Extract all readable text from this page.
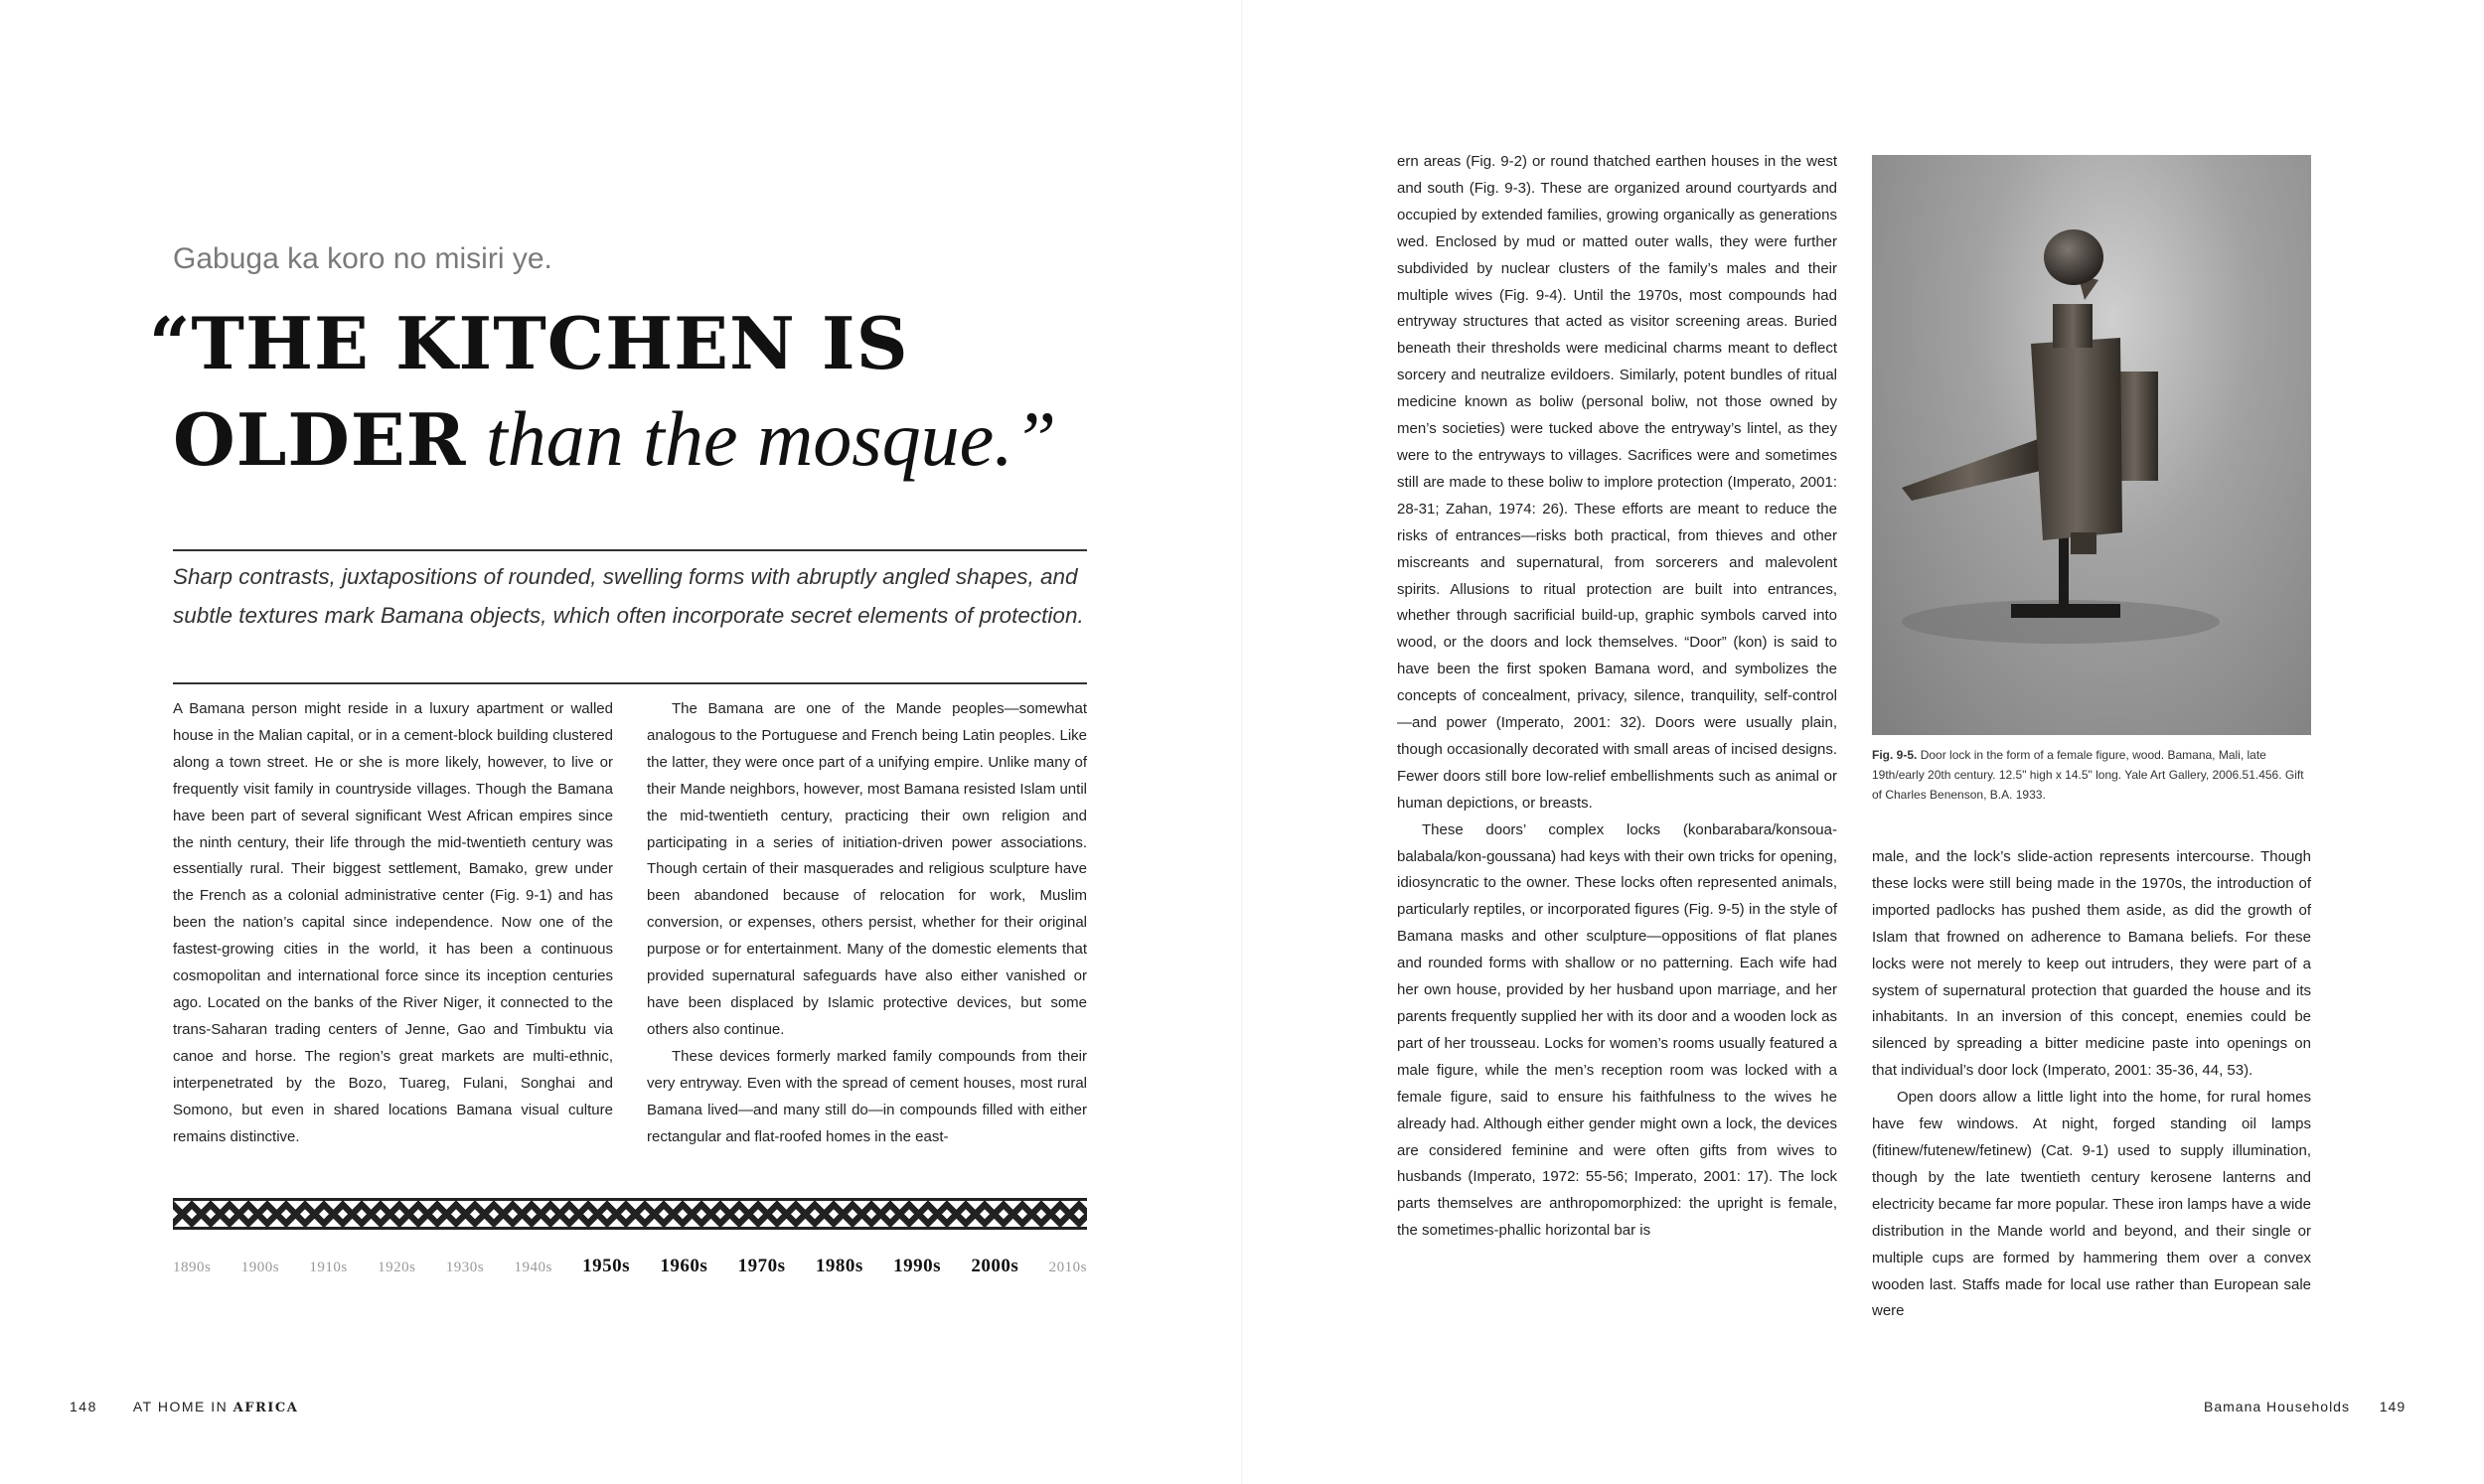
Gabuga ka koro no misiri ye.
“THE KITCHEN IS
OLDER than the mosque.”

Sharp contrasts, juxtapositions of rounded, swelling forms with abruptly angled shapes, and subtle textures mark Bamana objects, which often incorporate secret elements of protection.

A Bamana person might reside in a luxury apartment or walled house in the Malian capital, or in a cement-block building clustered along a town street. He or she is more likely, however, to live or frequently visit family in countryside villages. Though the Bamana have been part of several significant West African empires since the ninth century, their life through the mid-twentieth century was essentially rural. Their biggest settlement, Bamako, grew under the French as a colonial administrative center (Fig. 9-1) and has been the nation’s capital since independence. Now one of the fastest-growing cities in the world, it has been a continuous cosmopolitan and international force since its inception centuries ago. Located on the banks of the River Niger, it connected to the trans-Saharan trading centers of Jenne, Gao and Timbuktu via canoe and horse. The region’s great markets are multi-ethnic, interpenetrated by the Bozo, Tuareg, Fulani, Songhai and Somono, but even in shared locations Bamana visual culture remains distinctive.

The Bamana are one of the Mande peoples—somewhat analogous to the Portuguese and French being Latin peoples. Like the latter, they were once part of a unifying empire. Unlike many of their Mande neighbors, however, most Bamana resisted Islam until the mid-twentieth century, practicing their own religion and participating in a series of initiation-driven power associations. Though certain of their masquerades and religious sculpture have been abandoned because of relocation for work, Muslim conversion, or expenses, others persist, whether for their original purpose or for entertainment. Many of the domestic elements that provided supernatural safeguards have also either vanished or have been displaced by Islamic protective devices, but some others also continue.

These devices formerly marked family compounds from their very entryway. Even with the spread of cement houses, most rural Bamana lived—and many still do—in compounds filled with either rectangular and flat-roofed homes in the east-

1890s 1900s 1910s 1920s 1930s 1940s 1950s 1960s 1970s 1980s 1990s 2000s 2010s
148	AT HOME IN AFRICA

ern areas (Fig. 9-2) or round thatched earthen houses in the west and south (Fig. 9-3). These are organized around courtyards and occupied by extended families, growing organically as generations wed. Enclosed by mud or matted outer walls, they were further subdivided by nuclear clusters of the family’s males and their multiple wives (Fig. 9-4). Until the 1970s, most compounds had entryway structures that acted as visitor screening areas. Buried beneath their thresholds were medicinal charms meant to deflect sorcery and neutralize evildoers. Similarly, potent bundles of ritual medicine known as boliw (personal boliw, not those owned by men’s societies) were tucked above the entryway’s lintel, as they were to the entryways to villages. Sacrifices were and sometimes still are made to these boliw to implore protection (Imperato, 2001: 28-31; Zahan, 1974: 26). These efforts are meant to reduce the risks of entrances—risks both practical, from thieves and other miscreants and supernatural, from sorcerers and malevolent spirits. Allusions to ritual protection are built into entrances, whether through sacrificial build-up, graphic symbols carved into wood, or the doors and lock themselves. “Door” (kon) is said to have been the first spoken Bamana word, and symbolizes the concepts of concealment, privacy, silence, tranquility, self-control—and power (Imperato, 2001: 32). Doors were usually plain, though occasionally decorated with small areas of incised designs. Fewer doors still bore low-relief embellishments such as animal or human depictions, or breasts.

These doors’ complex locks (konbarabara/konsoua-balabala/kon-goussana) had keys with their own tricks for opening, idiosyncratic to the owner. These locks often represented animals, particularly reptiles, or incorporated figures (Fig. 9-5) in the style of Bamana masks and other sculpture—oppositions of flat planes and rounded forms with shallow or no patterning. Each wife had her own house, provided by her husband upon marriage, and her parents frequently supplied her with its door and a wooden lock as part of her trousseau. Locks for women’s rooms usually featured a male figure, while the men’s reception room was locked with a female figure, said to ensure his faithfulness to the wives he already had. Although either gender might own a lock, the devices are considered feminine and were often gifts from wives to husbands (Imperato, 1972: 55-56; Imperato, 2001: 17). The lock parts themselves are anthropomorphized: the upright is female, the sometimes-phallic horizontal bar is

Fig. 9-5. Door lock in the form of a female figure, wood. Bamana, Mali, late 19th/early 20th century. 12.5" high x 14.5" long. Yale Art Gallery, 2006.51.456. Gift of Charles Benenson, B.A. 1933.

male, and the lock’s slide-action represents intercourse. Though these locks were still being made in the 1970s, the introduction of imported padlocks has pushed them aside, as did the growth of Islam that frowned on adherence to Bamana beliefs. For these locks were not merely to keep out intruders, they were part of a system of supernatural protection that guarded the house and its inhabitants. In an inversion of this concept, enemies could be silenced by spreading a bitter medicine paste into openings on that individual’s door lock (Imperato, 2001: 35-36, 44, 53).

Open doors allow a little light into the home, for rural homes have few windows. At night, forged standing oil lamps (fitinew/futenew/fetinew) (Cat. 9-1) used to supply illumination, though by the late twentieth century kerosene lanterns and electricity became far more popular. These iron lamps have a wide distribution in the Mande world and beyond, and their single or multiple cups are formed by hammering them over a convex wooden last. Staffs made for local use rather than European sale were

Bamana Households 149
